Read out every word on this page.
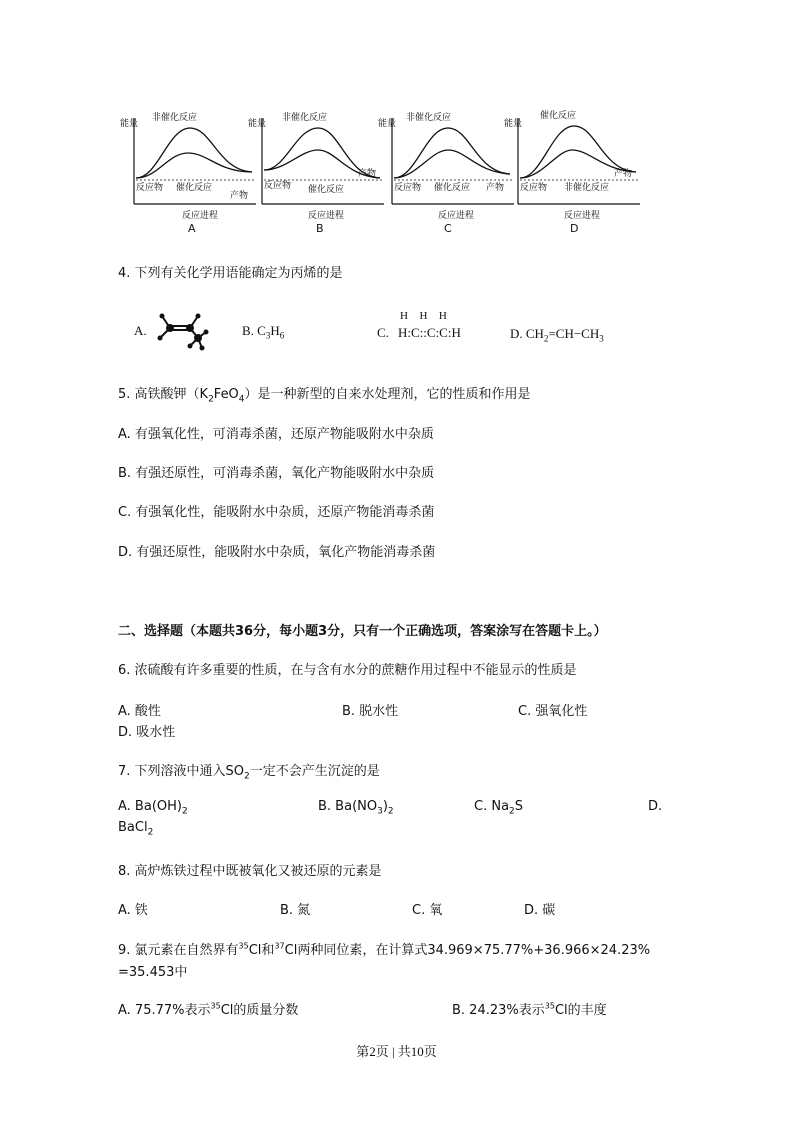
能量
非催化反应
催化反应
反应物
产物
反应进程
A
能量
非催化反应
催化反应
反应物
产物
反应进程
B
能量
非催化反应
催化反应
反应物	产物
反应进程
C
能量
催化反应
非催化反应
反应物
产物
反应进程
D
4. 下列有关化学用语能确定为丙烯的是
A.	B. $C_3H_6$	C.
H  H  H
H:C::C:C:H	D. $CH_2=CH-CH_3$
5. 高铁酸钾$(K_2FeO_4)$是一种新型的自来水处理剂，它的性质和作用是
A. 有强氧化性，可消毒杀菌，还原产物能吸附水中杂质
B. 有强还原性，可消毒杀菌，氧化产物能吸附水中杂质
C. 有强氧化性，能吸附水中杂质，还原产物能消毒杀菌
D. 有强还原性，能吸附水中杂质，氧化产物能消毒杀菌
二、选择题（本题共36分，每小题3分，只有一个正确选项，答案涂写在答题卡上。）
6. 浓硫酸有许多重要的性质，在与含有水分的蔗糖作用过程中不能显示的性质是
A. 酸性	B. 脱水性	C. 强氧化性
D. 吸水性
7. 下列溶液中通入$SO_2$一定不会产生沉淀的是
A. $Ba(OH)_2$	B. $Ba(NO_3)_2$	C. $Na_2S$	D.
BaCl$_2$
8. 高炉炼铁过程中既被氧化又被还原的元素是
A. 铁	B. 氮	C. 氧	D. 碳
9. 氯元素在自然界有$^{35}$Cl和$^{37}$Cl两种同位素，在计算式34.969×75.77%+36.966×24.23%
=35.453中
A. 75.77%表示$^{35}$Cl的质量分数	B. 24.23%表示$^{35}$Cl的丰度
第2页 | 共10页
